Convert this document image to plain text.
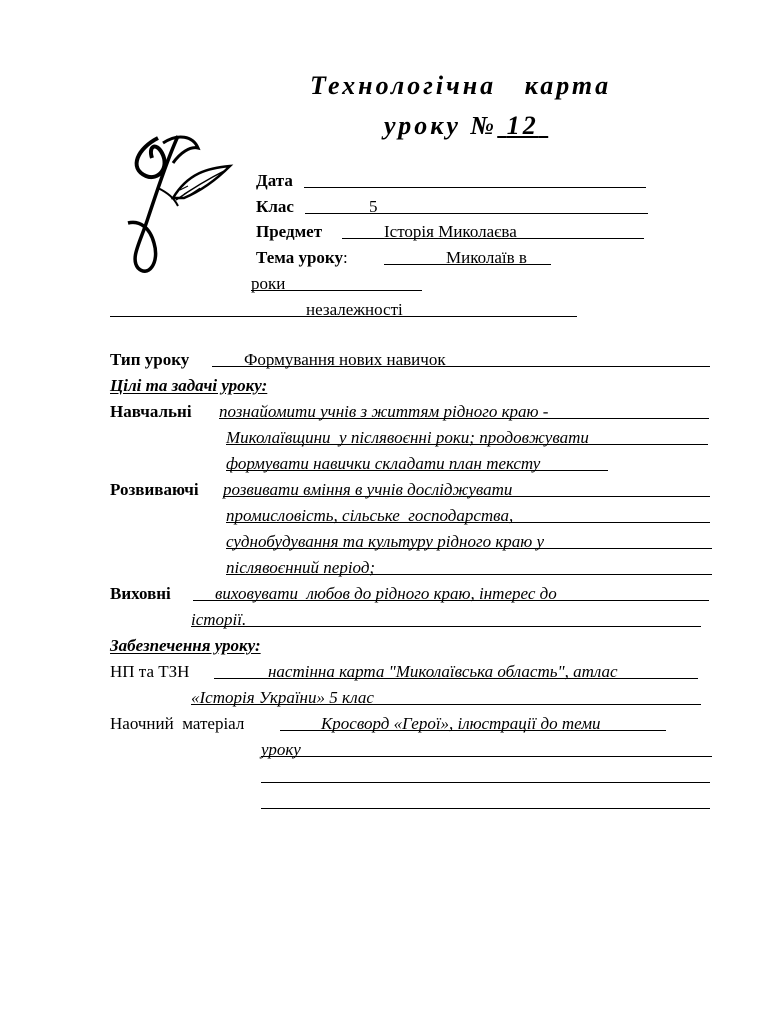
Технологічна   карта
уроку № 12
Дата
Клас	5
Предмет	Історія Миколаєва
Тема уроку:	Миколаїв в
роки
незалежності
Тип уроку	Формування нових навичок
Цілі та задачі уроку:
Навчальні познайомити учнів з життям рідного краю -
Миколаївщини  у післявоєнні роки; продовжувати
формувати навички складати план тексту
Розвиваючі розвивати вміння в учнів досліджувати
промисловість, сільське  господарства,
суднобудування та культуру рідного краю у
післявоєнний період;
Виховні	виховувати  любов до рідного краю, інтерес до
історії.
Забезпечення уроку:
НП та ТЗН	настінна карта "Миколаївська область", атлас
«Історія України» 5 клас
Наочний  матеріал	Кросворд «Герої», ілюстрації до теми
уроку
